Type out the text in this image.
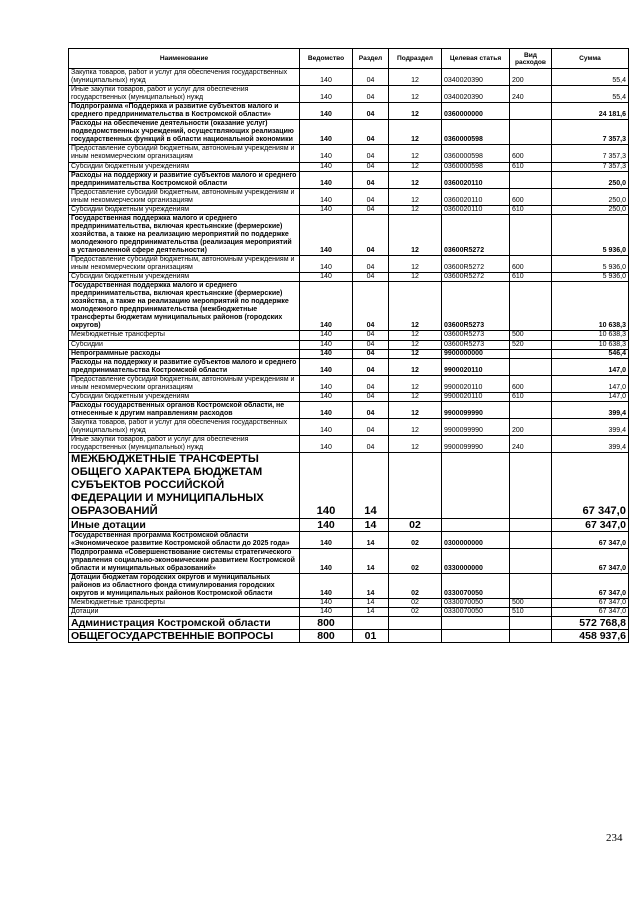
Наименование	Ведомство	Раздел	Подраздел	Целевая статья	Вид расходов	Сумма
Закупка товаров, работ и услуг для обеспечения государственных (муниципальных) нужд	140	04	12	0340020390	200	55,4
Иные закупки товаров, работ и услуг для обеспечения государственных (муниципальных) нужд	140	04	12	0340020390	240	55,4
Подпрограмма «Поддержка и развитие субъектов малого и среднего предпринимательства в Костромской области»	140	04	12	0360000000		24 181,6
Расходы на обеспечение деятельности (оказание услуг) подведомственных учреждений, осуществляющих реализацию государственных функций в области национальной экономики	140	04	12	0360000598		7 357,3
Предоставление субсидий бюджетным, автономным учреждениям и иным некоммерческим организациям	140	04	12	0360000598	600	7 357,3
Субсидии бюджетным учреждениям	140	04	12	0360000598	610	7 357,3
Расходы на поддержку и развитие субъектов малого и среднего предпринимательства Костромской области	140	04	12	0360020110		250,0
Предоставление субсидий бюджетным, автономным учреждениям и иным некоммерческим организациям	140	04	12	0360020110	600	250,0
Субсидии бюджетным учреждениям	140	04	12	0360020110	610	250,0
Государственная поддержка малого и среднего предпринимательства, включая крестьянские (фермерские) хозяйства, а также на реализацию мероприятий по поддержке молодежного предпринимательства (реализация мероприятий в установленной сфере деятельности)	140	04	12	03600R5272		5 936,0
Предоставление субсидий бюджетным, автономным учреждениям и иным некоммерческим организациям	140	04	12	03600R5272	600	5 936,0
Субсидии бюджетным учреждениям	140	04	12	03600R5272	610	5 936,0
Государственная поддержка малого и среднего предпринимательства, включая крестьянские (фермерские) хозяйства, а также на реализацию мероприятий по поддержке молодежного предпринимательства (межбюджетные трансферты бюджетам муниципальных районов (городских округов)	140	04	12	03600R5273		10 638,3
Межбюджетные трансферты	140	04	12	03600R5273	500	10 638,3
Субсидии	140	04	12	03600R5273	520	10 638,3
Непрограммные расходы	140	04	12	9900000000		546,4
Расходы на поддержку и развитие субъектов малого и среднего предпринимательства Костромской области	140	04	12	9900020110		147,0
Предоставление субсидий бюджетным, автономным учреждениям и иным некоммерческим организациям	140	04	12	9900020110	600	147,0
Субсидии бюджетным учреждениям	140	04	12	9900020110	610	147,0
Расходы государственных органов Костромской области, не отнесенные к другим направлениям расходов	140	04	12	9900099990		399,4
Закупка товаров, работ и услуг для обеспечения государственных (муниципальных) нужд	140	04	12	9900099990	200	399,4
Иные закупки товаров, работ и услуг для обеспечения государственных (муниципальных) нужд	140	04	12	9900099990	240	399,4
МЕЖБЮДЖЕТНЫЕ ТРАНСФЕРТЫ ОБЩЕГО ХАРАКТЕРА БЮДЖЕТАМ СУБЪЕКТОВ РОССИЙСКОЙ ФЕДЕРАЦИИ И МУНИЦИПАЛЬНЫХ ОБРАЗОВАНИЙ	140	14				67 347,0
Иные дотации	140	14	02			67 347,0
Государственная программа Костромской области «Экономическое развитие Костромской области до 2025 года»	140	14	02	0300000000		67 347,0
Подпрограмма «Совершенствование системы стратегического управления социально-экономическим развитием Костромской области и муниципальных образований»	140	14	02	0330000000		67 347,0
Дотации бюджетам городских округов и муниципальных районов из областного фонда стимулирования городских округов и муниципальных районов Костромской области	140	14	02	0330070050		67 347,0
Межбюджетные трансферты	140	14	02	0330070050	500	67 347,0
Дотации	140	14	02	0330070050	510	67 347,0
Администрация Костромской области	800					572 768,8
ОБЩЕГОСУДАРСТВЕННЫЕ ВОПРОСЫ	800	01				458 937,6
234
